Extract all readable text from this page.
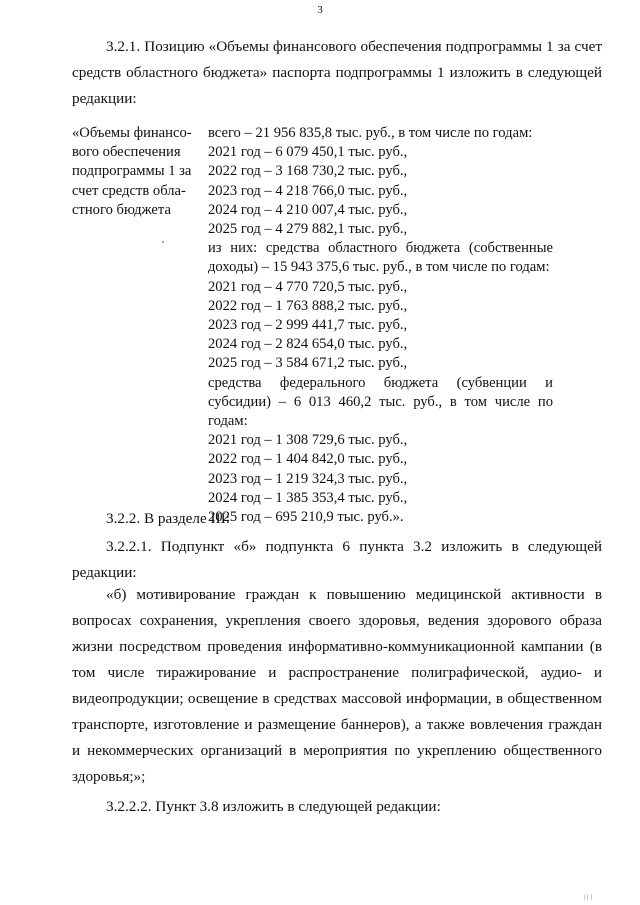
3
3.2.1. Позицию «Объемы финансового обеспечения подпрограммы 1 за счет средств областного бюджета» паспорта подпрограммы 1 изложить в следующей редакции:
«Объемы финансо-
вого обеспечения
подпрограммы 1 за
счет средств обла-
стного бюджета
всего – 21 956 835,8 тыс. руб., в том числе по годам:
2021 год – 6 079 450,1 тыс. руб.,
2022 год – 3 168 730,2 тыс. руб.,
2023 год – 4 218 766,0 тыс. руб.,
2024 год – 4 210 007,4 тыс. руб.,
2025 год – 4 279 882,1 тыс. руб.,
из них: средства областного бюджета (собственные доходы) – 15 943 375,6 тыс. руб., в том числе по годам:
2021 год – 4 770 720,5 тыс. руб.,
2022 год – 1 763 888,2 тыс. руб.,
2023 год – 2 999 441,7 тыс. руб.,
2024 год – 2 824 654,0 тыс. руб.,
2025 год – 3 584 671,2 тыс. руб.,
средства федерального бюджета (субвенции и субсидии) – 6 013 460,2 тыс. руб., в том числе по годам:
2021 год – 1 308 729,6 тыс. руб.,
2022 год – 1 404 842,0 тыс. руб.,
2023 год – 1 219 324,3 тыс. руб.,
2024 год – 1 385 353,4 тыс. руб.,
2025 год – 695 210,9 тыс. руб.».
3.2.2. В разделе III:
3.2.2.1. Подпункт «б» подпункта 6 пункта 3.2 изложить в следующей редакции:
«б) мотивирование граждан к повышению медицинской активности в вопросах сохранения, укрепления своего здоровья, ведения здорового образа жизни посредством проведения информативно-коммуникационной кампании (в том числе тиражирование и распространение полиграфической, аудио- и видеопродукции; освещение в средствах массовой информации, в общественном транспорте, изготовление и размещение баннеров), а также вовлечения граждан и некоммерческих организаций в мероприятия по укреплению общественного здоровья;»;
3.2.2.2. Пункт 3.8 изложить в следующей редакции:
|||
